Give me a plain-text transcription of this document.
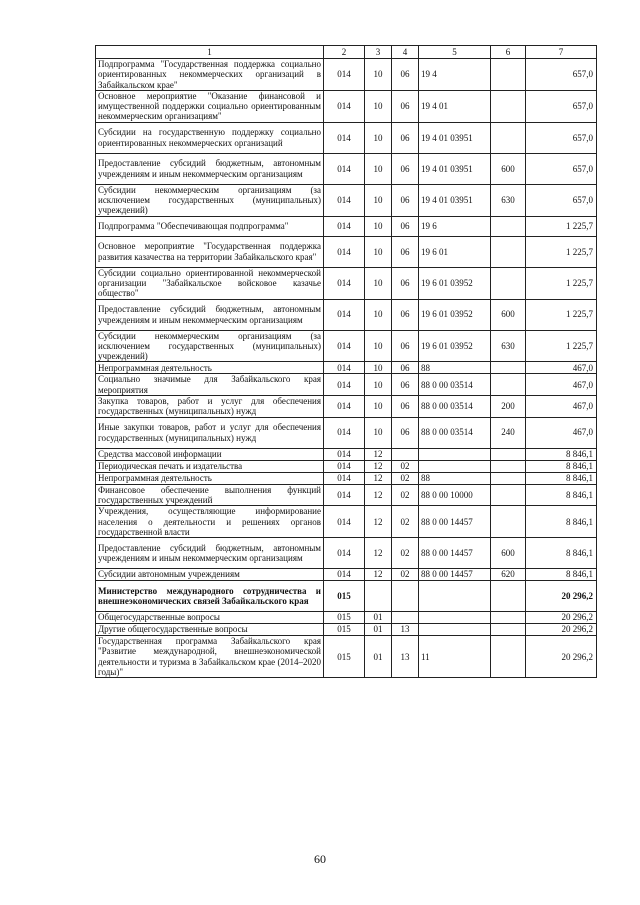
1	2	3	4	5	6	7
Подпрограмма "Государственная поддержка социально ориентированных некоммерческих организаций в Забайкальском крае"	014	10	06	19 4		657,0
Основное мероприятие "Оказание финансовой и имущественной поддержки социально ориентированным некоммерческим организациям"	014	10	06	19 4 01		657,0
Субсидии на государственную поддержку социально ориентированных некоммерческих организаций	014	10	06	19 4 01 03951		657,0
Предоставление субсидий бюджетным, автономным учреждениям и иным некоммерческим организациям	014	10	06	19 4 01 03951	600	657,0
Субсидии некоммерческим организациям (за исключением государственных (муниципальных) учреждений)	014	10	06	19 4 01 03951	630	657,0
Подпрограмма "Обеспечивающая подпрограмма"	014	10	06	19 6		1 225,7
Основное мероприятие "Государственная поддержка развития казачества на территории Забайкальского края"	014	10	06	19 6 01		1 225,7
Субсидии социально ориентированной некоммерческой организации "Забайкальское войсковое казачье общество"	014	10	06	19 6 01 03952		1 225,7
Предоставление субсидий бюджетным, автономным учреждениям и иным некоммерческим организациям	014	10	06	19 6 01 03952	600	1 225,7
Субсидии некоммерческим организациям (за исключением государственных (муниципальных) учреждений)	014	10	06	19 6 01 03952	630	1 225,7
Непрограммная деятельность	014	10	06	88		467,0
Социально значимые для Забайкальского края мероприятия	014	10	06	88 0 00 03514		467,0
Закупка товаров, работ и услуг для обеспечения государственных (муниципальных) нужд	014	10	06	88 0 00 03514	200	467,0
Иные закупки товаров, работ и услуг для обеспечения государственных (муниципальных) нужд	014	10	06	88 0 00 03514	240	467,0
Средства массовой информации	014	12				8 846,1
Периодическая печать и издательства	014	12	02			8 846,1
Непрограммная деятельность	014	12	02	88		8 846,1
Финансовое обеспечение выполнения функций государственных учреждений	014	12	02	88 0 00 10000		8 846,1
Учреждения, осуществляющие информирование населения о деятельности и решениях органов государственной власти	014	12	02	88 0 00 14457		8 846,1
Предоставление субсидий бюджетным, автономным учреждениям и иным некоммерческим организациям	014	12	02	88 0 00 14457	600	8 846,1
Субсидии автономным учреждениям	014	12	02	88 0 00 14457	620	8 846,1
Министерство международного сотрудничества и внешнеэкономических связей Забайкальского края	015					20 296,2
Общегосударственные вопросы	015	01				20 296,2
Другие общегосударственные вопросы	015	01	13			20 296,2
Государственная программа Забайкальского края "Развитие международной, внешнеэкономической деятельности и туризма в Забайкальском крае (2014–2020 годы)"	015	01	13	11		20 296,2
60
